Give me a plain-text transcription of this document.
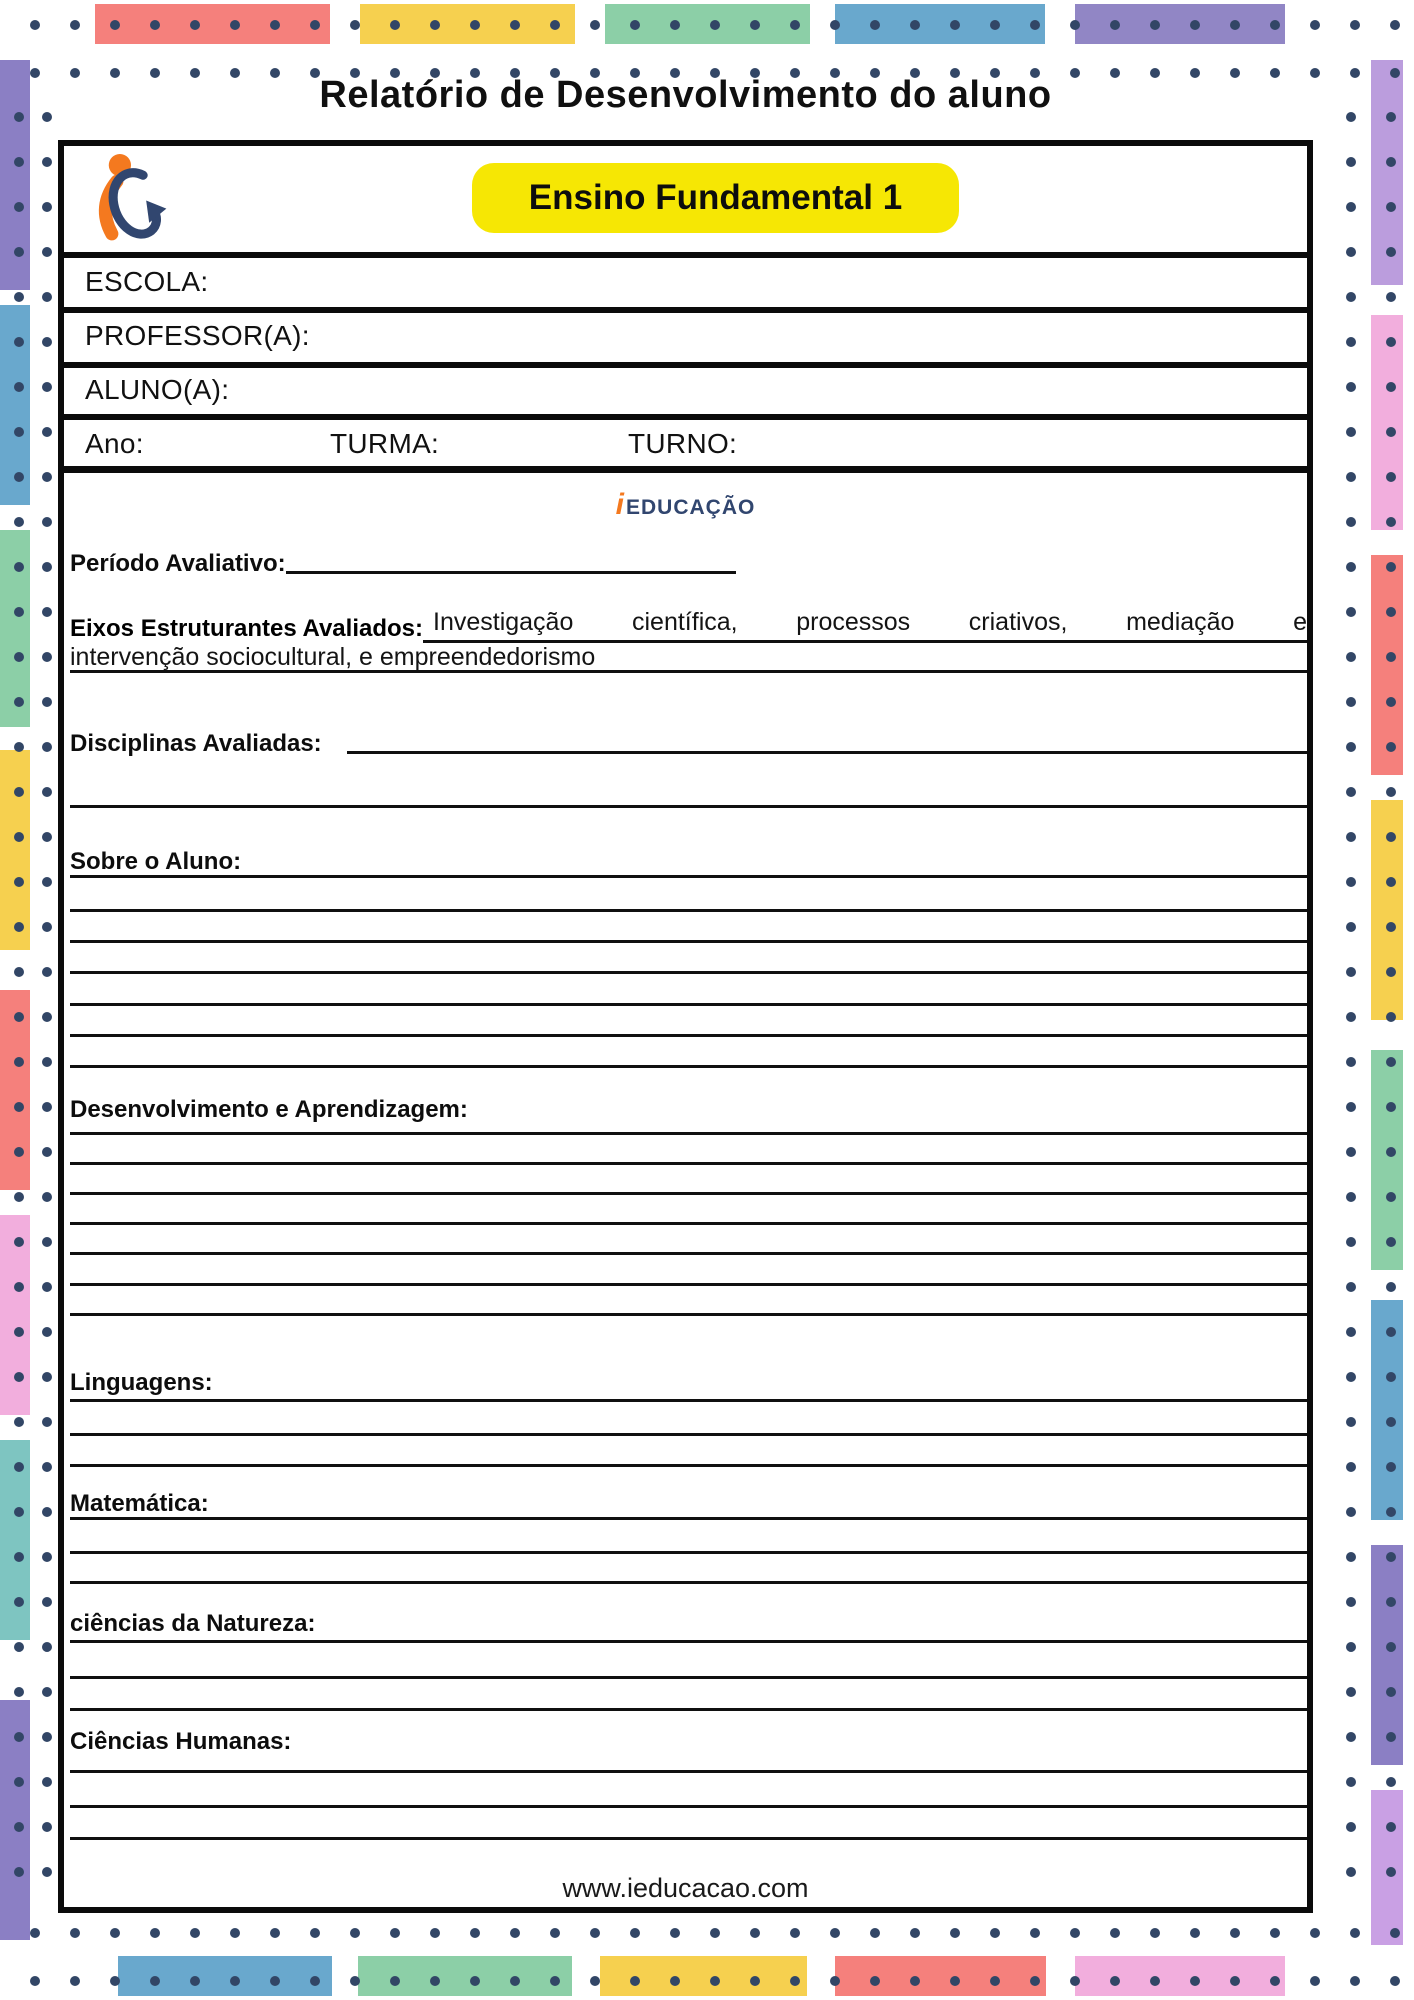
Relatório de Desenvolvimento do aluno
Ensino Fundamental 1
ESCOLA:
PROFESSOR(A):
ALUNO(A):
Ano:	TURMA:	TURNO:
i EDUCAÇÃO
Período Avaliativo:
Eixos Estruturantes Avaliados: Investigação científica, processos criativos, mediação e
intervenção sociocultural, e empreendedorismo
Disciplinas Avaliadas:
Sobre o Aluno:
Desenvolvimento e Aprendizagem:
Linguagens:
Matemática:
ciências da Natureza:
Ciências Humanas:
www.ieducacao.com
